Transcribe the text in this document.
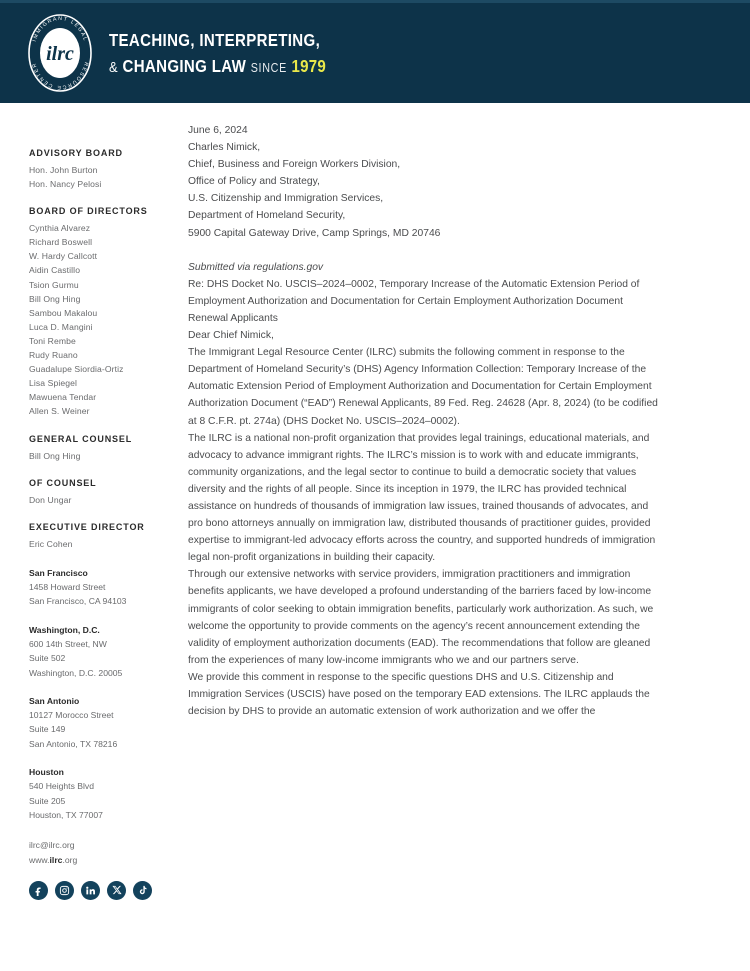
ilrc
IMMIGRANT LEGAL
RESOURCE CENTER
TEACHING, INTERPRETING,
& CHANGING LAW SINCE 1979
ADVISORY BOARD
Hon. John Burton
Hon. Nancy Pelosi
BOARD OF DIRECTORS
Cynthia Alvarez
Richard Boswell
W. Hardy Callcott
Aidin Castillo
Tsion Gurmu
Bill Ong Hing
Sambou Makalou
Luca D. Mangini
Toni Rembe
Rudy Ruano
Guadalupe Siordia-Ortiz
Lisa Spiegel
Mawuena Tendar
Allen S. Weiner
GENERAL COUNSEL
Bill Ong Hing
OF COUNSEL
Don Ungar
EXECUTIVE DIRECTOR
Eric Cohen
San Francisco
1458 Howard Street
San Francisco, CA 94103
Washington, D.C.
600 14th Street, NW
Suite 502
Washington, D.C. 20005
San Antonio
10127 Morocco Street
Suite 149
San Antonio, TX 78216
Houston
540 Heights Blvd
Suite 205
Houston, TX 77007
ilrc@ilrc.org
www.ilrc.org

June 6, 2024

Charles Nimick,
Chief, Business and Foreign Workers Division,
Office of Policy and Strategy,
U.S. Citizenship and Immigration Services,
Department of Homeland Security,
5900 Capital Gateway Drive, Camp Springs, MD 20746

Submitted via regulations.gov

Re: DHS Docket No. USCIS–2024–0002, Temporary Increase of the Automatic Extension Period of Employment Authorization and Documentation for Certain Employment Authorization Document Renewal Applicants

Dear Chief Nimick,

The Immigrant Legal Resource Center (ILRC) submits the following comment in response to the Department of Homeland Security’s (DHS) Agency Information Collection: Temporary Increase of the Automatic Extension Period of Employment Authorization and Documentation for Certain Employment Authorization Document (“EAD”) Renewal Applicants, 89 Fed. Reg. 24628 (Apr. 8, 2024) (to be codified at 8 C.F.R. pt. 274a) (DHS Docket No. USCIS–2024–0002).

The ILRC is a national non-profit organization that provides legal trainings, educational materials, and advocacy to advance immigrant rights. The ILRC’s mission is to work with and educate immigrants, community organizations, and the legal sector to continue to build a democratic society that values diversity and the rights of all people. Since its inception in 1979, the ILRC has provided technical assistance on hundreds of thousands of immigration law issues, trained thousands of advocates, and pro bono attorneys annually on immigration law, distributed thousands of practitioner guides, provided expertise to immigrant-led advocacy efforts across the country, and supported hundreds of immigration legal non-profit organizations in building their capacity.

Through our extensive networks with service providers, immigration practitioners and immigration benefits applicants, we have developed a profound understanding of the barriers faced by low-income immigrants of color seeking to obtain immigration benefits, particularly work authorization. As such, we welcome the opportunity to provide comments on the agency’s recent announcement extending the validity of employment authorization documents (EAD). The recommendations that follow are gleaned from the experiences of many low-income immigrants who we and our partners serve.

We provide this comment in response to the specific questions DHS and U.S. Citizenship and Immigration Services (USCIS) have posed on the temporary EAD extensions. The ILRC applauds the decision by DHS to provide an automatic extension of work authorization and we offer the
